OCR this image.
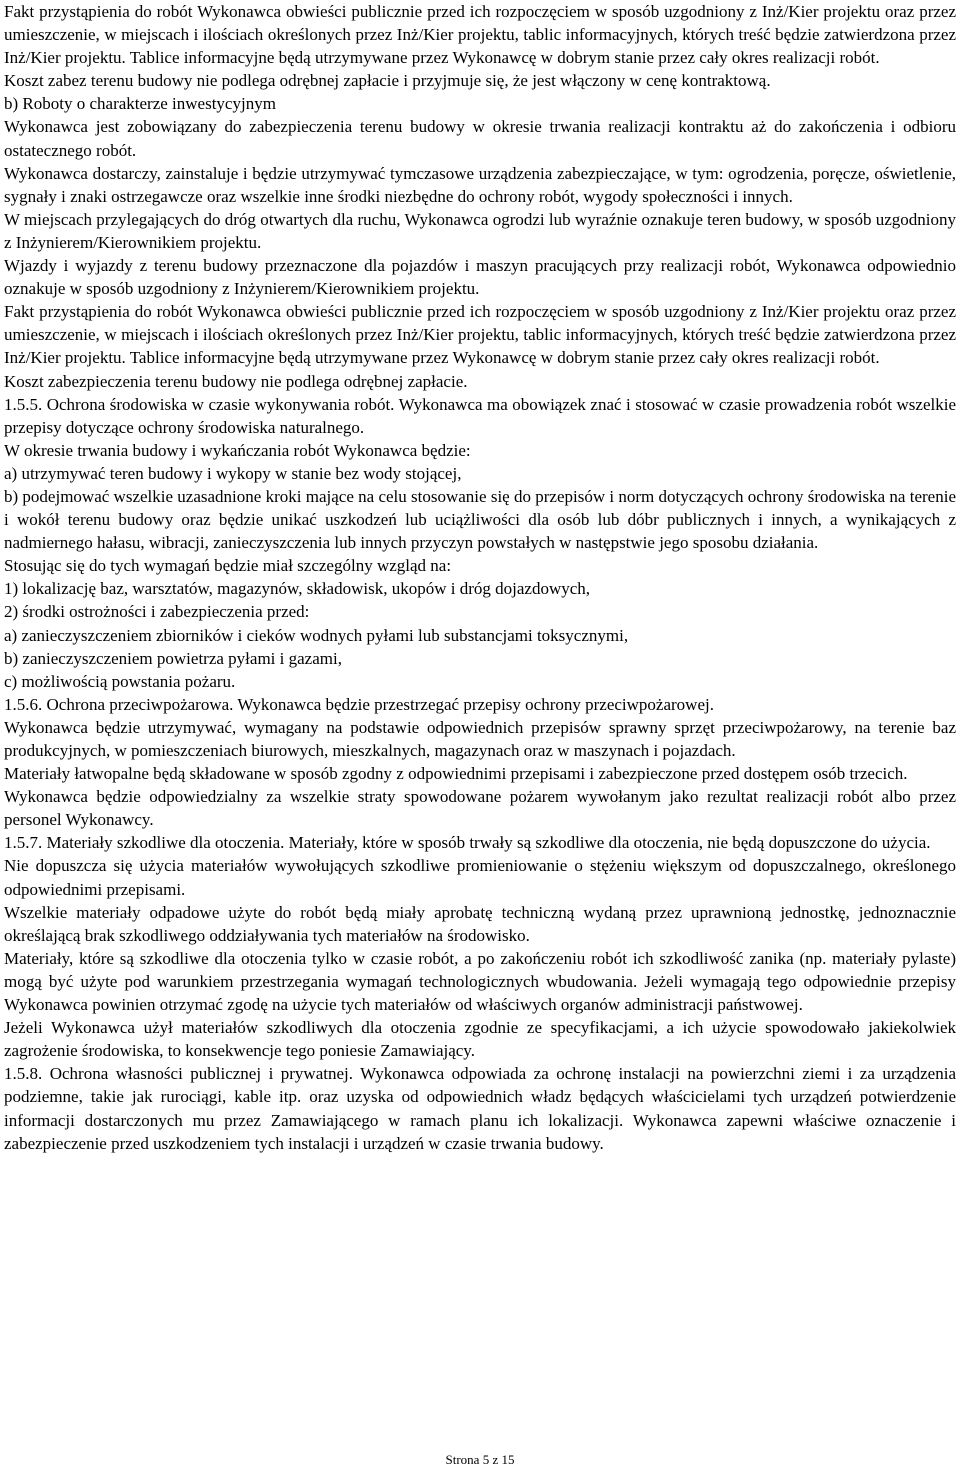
Fakt przystąpienia do robót Wykonawca obwieści publicznie przed ich rozpoczęciem w sposób uzgodniony z Inż/Kier projektu oraz przez umieszczenie, w miejscach i ilościach określonych przez Inż/Kier projektu, tablic informacyjnych, których treść będzie zatwierdzona przez Inż/Kier projektu. Tablice informacyjne będą utrzymywane przez Wykonawcę w dobrym stanie przez cały okres realizacji robót.

Koszt zabez terenu budowy nie podlega odrębnej zapłacie i przyjmuje się, że jest włączony w cenę kontraktową.

b) Roboty o charakterze inwestycyjnym

Wykonawca jest zobowiązany do zabezpieczenia terenu budowy w okresie trwania realizacji kontraktu aż do zakończenia i odbioru ostatecznego robót.

Wykonawca dostarczy, zainstaluje i będzie utrzymywać tymczasowe urządzenia zabezpieczające, w tym: ogrodzenia, poręcze, oświetlenie, sygnały i znaki ostrzegawcze oraz wszelkie inne środki niezbędne do ochrony robót, wygody społeczności i innych.

W miejscach przylegających do dróg otwartych dla ruchu, Wykonawca ogrodzi lub wyraźnie oznakuje teren budowy, w sposób uzgodniony z Inżynierem/Kierownikiem projektu.

Wjazdy i wyjazdy z terenu budowy przeznaczone dla pojazdów i maszyn pracujących przy realizacji robót, Wykonawca odpowiednio oznakuje w sposób uzgodniony z Inżynierem/Kierownikiem projektu.

Fakt przystąpienia do robót Wykonawca obwieści publicznie przed ich rozpoczęciem w sposób uzgodniony z Inż/Kier projektu oraz przez umieszczenie, w miejscach i ilościach określonych przez Inż/Kier projektu, tablic informacyjnych, których treść będzie zatwierdzona przez Inż/Kier projektu. Tablice informacyjne będą utrzymywane przez Wykonawcę w dobrym stanie przez cały okres realizacji robót.

Koszt zabezpieczenia terenu budowy nie podlega odrębnej zapłacie.

1.5.5. Ochrona środowiska w czasie wykonywania robót. Wykonawca ma obowiązek znać i stosować w czasie prowadzenia robót wszelkie przepisy dotyczące ochrony środowiska naturalnego.

W okresie trwania budowy i wykańczania robót Wykonawca będzie:

a) utrzymywać teren budowy i wykopy w stanie bez wody stojącej,

b) podejmować wszelkie uzasadnione kroki mające na celu stosowanie się do przepisów i norm dotyczących ochrony środowiska na terenie i wokół terenu budowy oraz będzie unikać uszkodzeń lub uciążliwości dla osób lub dóbr publicznych i innych, a wynikających z nadmiernego hałasu, wibracji, zanieczyszczenia lub innych przyczyn powstałych w następstwie jego sposobu działania.

Stosując się do tych wymagań będzie miał szczególny wzgląd na:

1) lokalizację baz, warsztatów, magazynów, składowisk, ukopów i dróg dojazdowych,

2) środki ostrożności i zabezpieczenia przed:

a) zanieczyszczeniem zbiorników i cieków wodnych pyłami lub substancjami toksycznymi,

b) zanieczyszczeniem powietrza pyłami i gazami,

c) możliwością powstania pożaru.

1.5.6. Ochrona przeciwpożarowa. Wykonawca będzie przestrzegać przepisy ochrony przeciwpożarowej.

Wykonawca będzie utrzymywać, wymagany na podstawie odpowiednich przepisów sprawny sprzęt przeciwpożarowy, na terenie baz produkcyjnych, w pomieszczeniach biurowych, mieszkalnych, magazynach oraz w maszynach i pojazdach.

Materiały łatwopalne będą składowane w sposób zgodny z odpowiednimi przepisami i zabezpieczone przed dostępem osób trzecich.

Wykonawca będzie odpowiedzialny za wszelkie straty spowodowane pożarem wywołanym jako rezultat realizacji robót albo przez personel Wykonawcy.

1.5.7. Materiały szkodliwe dla otoczenia. Materiały, które w sposób trwały są szkodliwe dla otoczenia, nie będą dopuszczone do użycia.

Nie dopuszcza się użycia materiałów wywołujących szkodliwe promieniowanie o stężeniu większym od dopuszczalnego, określonego odpowiednimi przepisami.

Wszelkie materiały odpadowe użyte do robót będą miały aprobatę techniczną wydaną przez uprawnioną jednostkę, jednoznacznie określającą brak szkodliwego oddziaływania tych materiałów na środowisko.

Materiały, które są szkodliwe dla otoczenia tylko w czasie robót, a po zakończeniu robót ich szkodliwość zanika (np. materiały pylaste) mogą być użyte pod warunkiem przestrzegania wymagań technologicznych wbudowania. Jeżeli wymagają tego odpowiednie przepisy Wykonawca powinien otrzymać zgodę na użycie tych materiałów od właściwych organów administracji państwowej.

Jeżeli Wykonawca użył materiałów szkodliwych dla otoczenia zgodnie ze specyfikacjami, a ich użycie spowodowało jakiekolwiek zagrożenie środowiska, to konsekwencje tego poniesie Zamawiający.

1.5.8. Ochrona własności publicznej i prywatnej. Wykonawca odpowiada za ochronę instalacji na powierzchni ziemi i za urządzenia podziemne, takie jak rurociągi, kable itp. oraz uzyska od odpowiednich władz będących właścicielami tych urządzeń potwierdzenie informacji dostarczonych mu przez Zamawiającego w ramach planu ich lokalizacji. Wykonawca zapewni właściwe oznaczenie i zabezpieczenie przed uszkodzeniem tych instalacji i urządzeń w czasie trwania budowy.

Strona 5 z 15
